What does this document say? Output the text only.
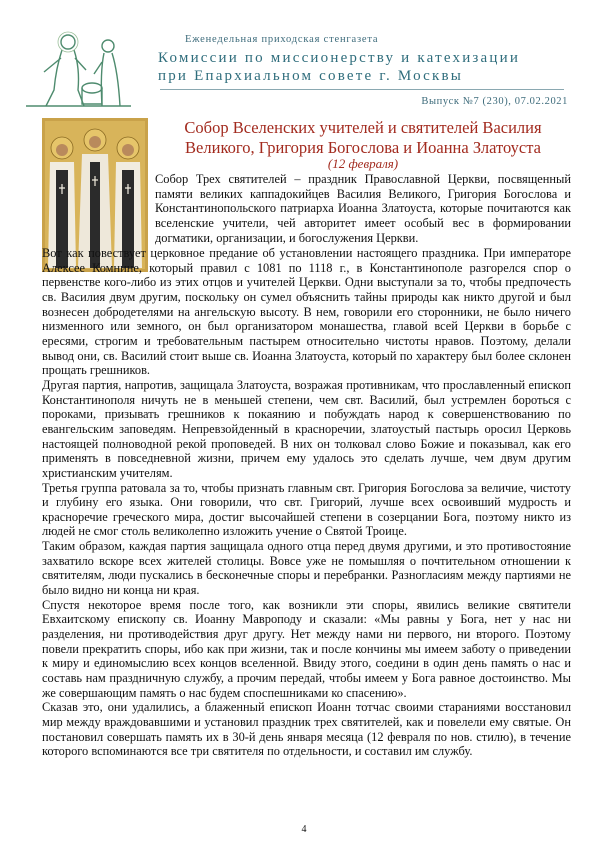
Еженедельная приходская стенгазета
Комиссии по миссионерству и катехизации
при Епархиальном совете г. Москвы
Выпуск №7 (230), 07.02.2021
Собор Вселенских учителей и святителей Василия Великого, Григория Богослова и Иоанна Златоуста
(12 февраля)

Собор Трех святителей – праздник Православной Церкви, посвященный памяти великих каппадокийцев Василия Великого, Григория Богослова и Константинопольского патриарха Иоанна Златоуста, которые почитаются как вселенские учители, чей авторитет имеет особый вес в формировании догматики, организации, и богослужения Церкви.

Вот как повествует церковное предание об установлении настоящего праздника. При императоре Алексее Комнине, который правил с 1081 по 1118 г., в Константинополе разгорелся спор о первенстве кого-либо из этих отцов и учителей Церкви. Одни выступали за то, чтобы предпочесть св. Василия двум другим, поскольку он сумел объяснить тайны природы как никто другой и был вознесен добродетелями на ангельскую высоту. В нем, говорили его сторонники, не было ничего низменного или земного, он был организатором монашества, главой всей Церкви в борьбе с ересями, строгим и требовательным пастырем относительно чистоты нравов. Поэтому, делали вывод они, св. Василий стоит выше св. Иоанна Златоуста, который по характеру был более склонен прощать грешников.

Другая партия, напротив, защищала Златоуста, возражая противникам, что прославленный епископ Константинополя ничуть не в меньшей степени, чем свт. Василий, был устремлен бороться с пороками, призывать грешников к покаянию и побуждать народ к совершенствованию по евангельским заповедям. Непревзойденный в красноречии, златоустый пастырь оросил Церковь настоящей полноводной рекой проповедей. В них он толковал слово Божие и показывал, как его применять в повседневной жизни, причем ему удалось это сделать лучше, чем двум другим христианским учителям.

Третья группа ратовала за то, чтобы признать главным свт. Григория Богослова за величие, чистоту и глубину его языка. Они говорили, что свт. Григорий, лучше всех освоивший мудрость и красноречие греческого мира, достиг высочайшей степени в созерцании Бога, поэтому никто из людей не смог столь великолепно изложить учение о Святой Троице.

Таким образом, каждая партия защищала одного отца перед двумя другими, и это противостояние захватило вскоре всех жителей столицы. Вовсе уже не помышляя о почтительном отношении к святителям, люди пускались в бесконечные споры и перебранки. Разногласиям между партиями не было видно ни конца ни края.

Спустя некоторое время после того, как возникли эти споры, явились великие святители Евхаитскому епископу св. Иоанну Мавроподу и сказали: «Мы равны у Бога, нет у нас ни разделения, ни противодействия друг другу. Нет между нами ни первого, ни второго. Поэтому повели прекратить споры, ибо как при жизни, так и после кончины мы имеем заботу о приведении к миру и единомыслию всех концов вселенной. Ввиду этого, соедини в один день память о нас и составь нам праздничную службу, а прочим передай, чтобы имеем у Бога равное достоинство. Мы же совершающим память о нас будем споспешниками ко спасению».

Сказав это, они удалились, а блаженный епископ Иоанн тотчас своими стараниями восстановил мир между враждовавшими и установил праздник трех святителей, как и повелели ему святые. Он постановил совершать память их в 30-й день января месяца (12 февраля по нов. стилю), в течение которого вспоминаются все три святителя по отдельности, и составил им службу.

4
